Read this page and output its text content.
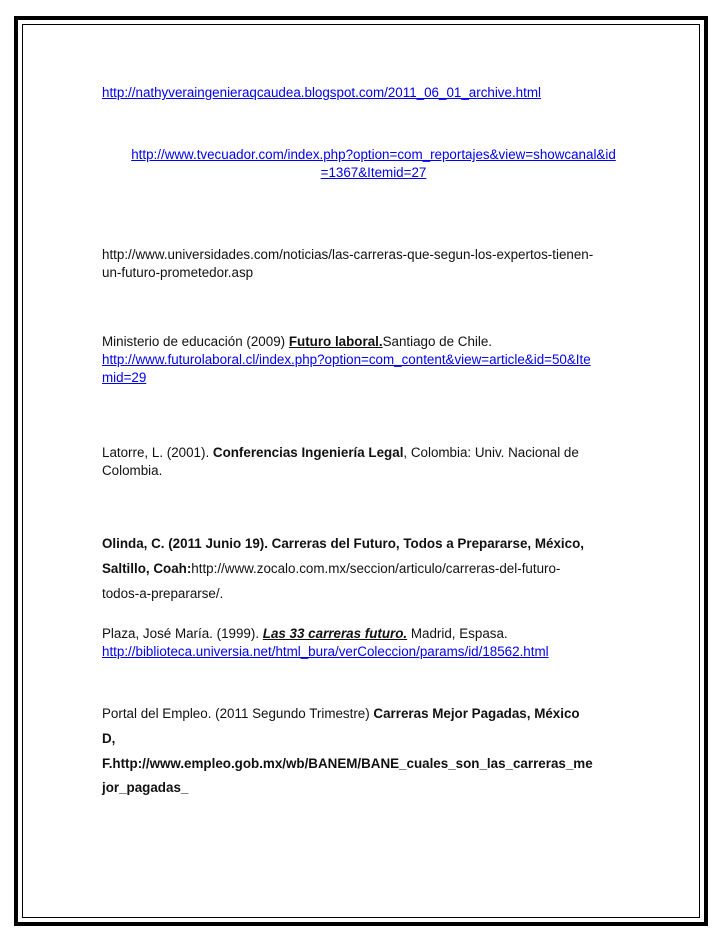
http://nathyveraingenieraqcaudea.blogspot.com/2011_06_01_archive.html
http://www.tvecuador.com/index.php?option=com_reportajes&view=showcanal&id
=1367&Itemid=27
http://www.universidades.com/noticias/las-carreras-que-segun-los-expertos-tienen-
un-futuro-prometedor.asp
Ministerio de educación (2009) Futuro laboral.Santiago de Chile.
http://www.futurolaboral.cl/index.php?option=com_content&view=article&id=50&Ite
mid=29
Latorre, L. (2001). Conferencias Ingeniería Legal, Colombia: Univ. Nacional de
Colombia.
Olinda, C. (2011 Junio 19). Carreras del Futuro, Todos a Prepararse, México,
Saltillo, Coah:http://www.zocalo.com.mx/seccion/articulo/carreras-del-futuro-
todos-a-prepararse/.
Plaza, José María. (1999). Las 33 carreras futuro. Madrid, Espasa.
http://biblioteca.universia.net/html_bura/verColeccion/params/id/18562.html
Portal del Empleo. (2011 Segundo Trimestre) Carreras Mejor Pagadas, México
D,
F.http://www.empleo.gob.mx/wb/BANEM/BANE_cuales_son_las_carreras_me
jor_pagadas_
